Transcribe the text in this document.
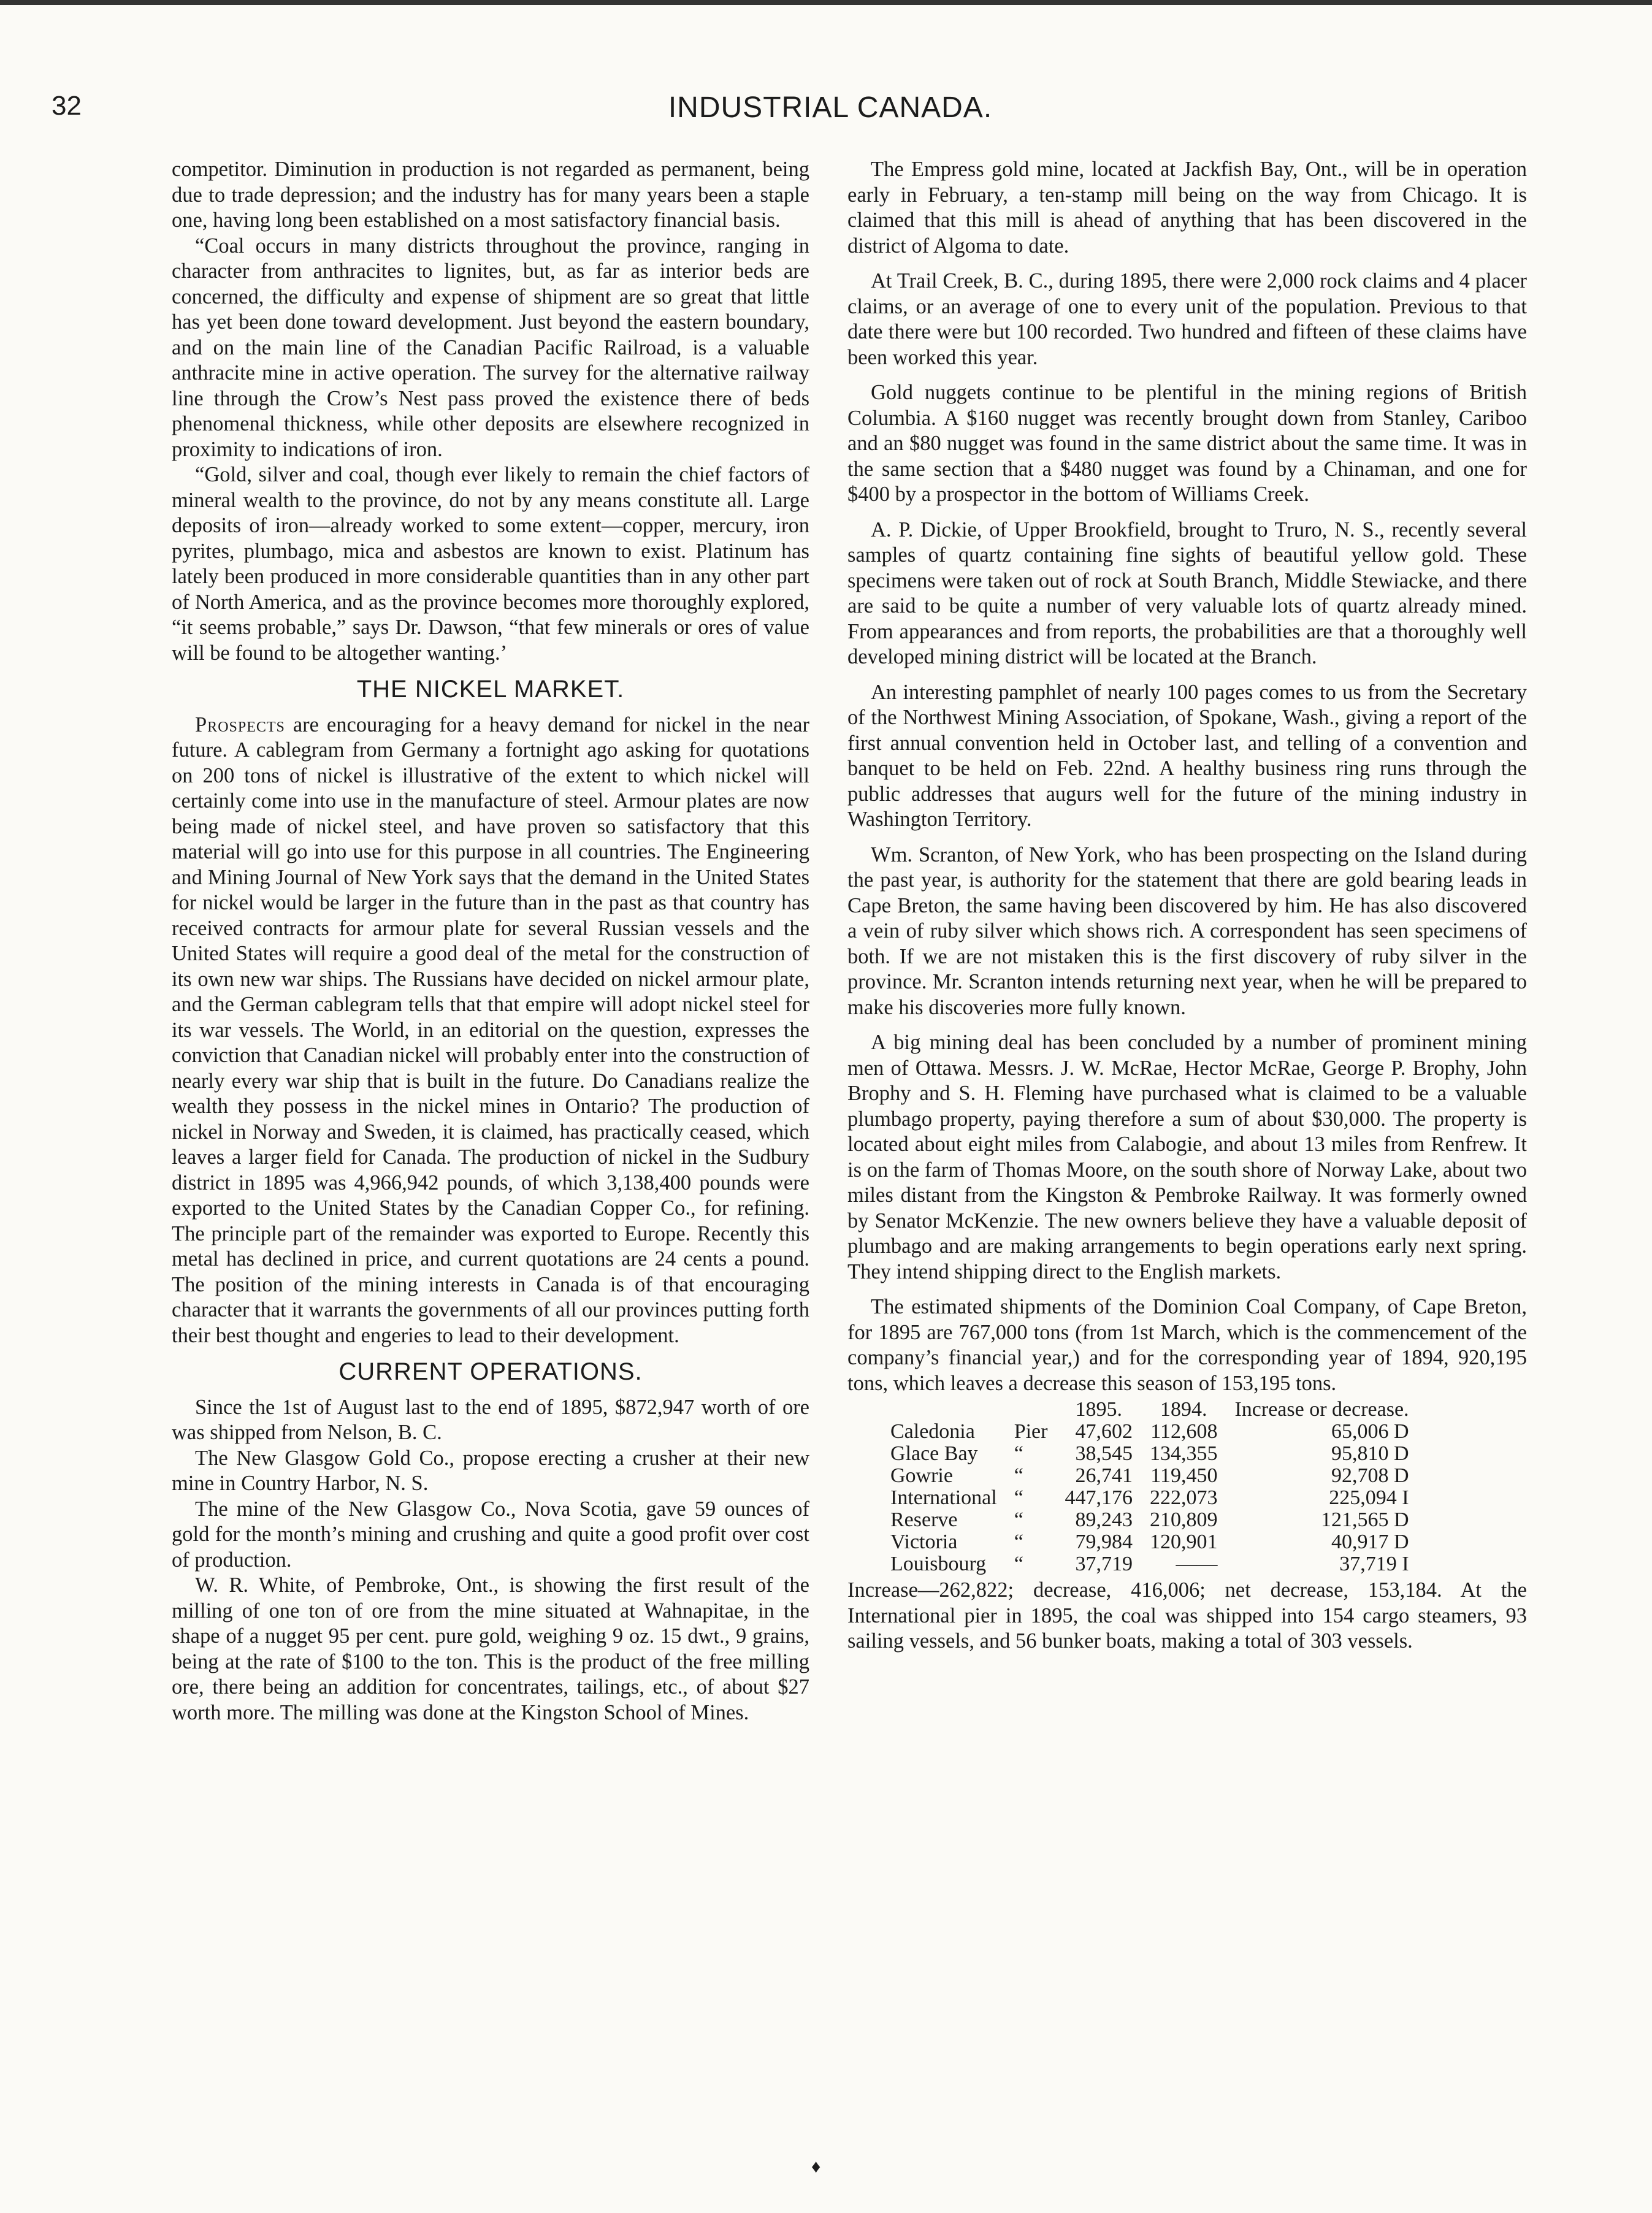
32	INDUSTRIAL CANADA.

competitor. Diminution in production is not regarded as permanent, being due to trade depression; and the industry has for many years been a staple one, having long been established on a most satisfactory financial basis.

“Coal occurs in many districts throughout the province, ranging in character from anthracites to lignites, but, as far as interior beds are concerned, the difficulty and expense of shipment are so great that little has yet been done toward development. Just beyond the eastern boundary, and on the main line of the Canadian Pacific Railroad, is a valuable anthracite mine in active operation. The survey for the alternative railway line through the Crow’s Nest pass proved the existence there of beds phenomenal thickness, while other deposits are elsewhere recognized in proximity to indications of iron.

“Gold, silver and coal, though ever likely to remain the chief factors of mineral wealth to the province, do not by any means constitute all. Large deposits of iron—already worked to some extent—copper, mercury, iron pyrites, plumbago, mica and asbestos are known to exist. Platinum has lately been produced in more considerable quantities than in any other part of North America, and as the province becomes more thoroughly explored, “it seems probable,” says Dr. Dawson, “that few minerals or ores of value will be found to be altogether wanting.’

THE NICKEL MARKET.

Prospects are encouraging for a heavy demand for nickel in the near future. A cablegram from Germany a fortnight ago asking for quotations on 200 tons of nickel is illustrative of the extent to which nickel will certainly come into use in the manufacture of steel. Armour plates are now being made of nickel steel, and have proven so satisfactory that this material will go into use for this purpose in all countries. The Engineering and Mining Journal of New York says that the demand in the United States for nickel would be larger in the future than in the past as that country has received contracts for armour plate for several Russian vessels and the United States will require a good deal of the metal for the construction of its own new war ships. The Russians have decided on nickel armour plate, and the German cablegram tells that that empire will adopt nickel steel for its war vessels. The World, in an editorial on the question, expresses the conviction that Canadian nickel will probably enter into the construction of nearly every war ship that is built in the future. Do Canadians realize the wealth they possess in the nickel mines in Ontario? The production of nickel in Norway and Sweden, it is claimed, has practically ceased, which leaves a larger field for Canada. The production of nickel in the Sudbury district in 1895 was 4,966,942 pounds, of which 3,138,400 pounds were exported to the United States by the Canadian Copper Co., for refining. The principle part of the remainder was exported to Europe. Recently this metal has declined in price, and current quotations are 24 cents a pound. The position of the mining interests in Canada is of that encouraging character that it warrants the governments of all our provinces putting forth their best thought and engeries to lead to their development.

CURRENT OPERATIONS.

Since the 1st of August last to the end of 1895, $872,947 worth of ore was shipped from Nelson, B. C.

The New Glasgow Gold Co., propose erecting a crusher at their new mine in Country Harbor, N. S.

The mine of the New Glasgow Co., Nova Scotia, gave 59 ounces of gold for the month’s mining and crushing and quite a good profit over cost of production.

W. R. White, of Pembroke, Ont., is showing the first result of the milling of one ton of ore from the mine situated at Wahnapitae, in the shape of a nugget 95 per cent. pure gold, weighing 9 oz. 15 dwt., 9 grains, being at the rate of $100 to the ton. This is the product of the free milling ore, there being an addition for concentrates, tailings, etc., of about $27 worth more. The milling was done at the Kingston School of Mines.

The Empress gold mine, located at Jackfish Bay, Ont., will be in operation early in February, a ten-stamp mill being on the way from Chicago. It is claimed that this mill is ahead of anything that has been discovered in the district of Algoma to date.

At Trail Creek, B. C., during 1895, there were 2,000 rock claims and 4 placer claims, or an average of one to every unit of the population. Previous to that date there were but 100 recorded. Two hundred and fifteen of these claims have been worked this year.

Gold nuggets continue to be plentiful in the mining regions of British Columbia. A $160 nugget was recently brought down from Stanley, Cariboo and an $80 nugget was found in the same district about the same time. It was in the same section that a $480 nugget was found by a Chinaman, and one for $400 by a prospector in the bottom of Williams Creek.

A. P. Dickie, of Upper Brookfield, brought to Truro, N. S., recently several samples of quartz containing fine sights of beautiful yellow gold. These specimens were taken out of rock at South Branch, Middle Stewiacke, and there are said to be quite a number of very valuable lots of quartz already mined. From appearances and from reports, the probabilities are that a thoroughly well developed mining district will be located at the Branch.

An interesting pamphlet of nearly 100 pages comes to us from the Secretary of the Northwest Mining Association, of Spokane, Wash., giving a report of the first annual convention held in October last, and telling of a convention and banquet to be held on Feb. 22nd. A healthy business ring runs through the public addresses that augurs well for the future of the mining industry in Washington Territory.

Wm. Scranton, of New York, who has been prospecting on the Island during the past year, is authority for the statement that there are gold bearing leads in Cape Breton, the same having been discovered by him. He has also discovered a vein of ruby silver which shows rich. A correspondent has seen specimens of both. If we are not mistaken this is the first discovery of ruby silver in the province. Mr. Scranton intends returning next year, when he will be prepared to make his discoveries more fully known.

A big mining deal has been concluded by a number of prominent mining men of Ottawa. Messrs. J. W. McRae, Hector McRae, George P. Brophy, John Brophy and S. H. Fleming have purchased what is claimed to be a valuable plumbago property, paying therefore a sum of about $30,000. The property is located about eight miles from Calabogie, and about 13 miles from Renfrew. It is on the farm of Thomas Moore, on the south shore of Norway Lake, about two miles distant from the Kingston & Pembroke Railway. It was formerly owned by Senator McKenzie. The new owners believe they have a valuable deposit of plumbago and are making arrangements to begin operations early next spring. They intend shipping direct to the English markets.

The estimated shipments of the Dominion Coal Company, of Cape Breton, for 1895 are 767,000 tons (from 1st March, which is the commencement of the company’s financial year,) and for the corresponding year of 1894, 920,195 tons, which leaves a decrease this season of 153,195 tons.

		1895.	1894.	Increase or decrease.
Caledonia	Pier	47,602	112,608	65,006 D
Glace Bay	“	38,545	134,355	95,810 D
Gowrie	“	26,741	119,450	92,708 D
International	“	447,176	222,073	225,094 I
Reserve	“	89,243	210,809	121,565 D
Victoria	“	79,984	120,901	40,917 D
Louisbourg	“	37,719	——	37,719 I

Increase—262,822; decrease, 416,006; net decrease, 153,184. At the International pier in 1895, the coal was shipped into 154 cargo steamers, 93 sailing vessels, and 56 bunker boats, making a total of 303 vessels.

♦
